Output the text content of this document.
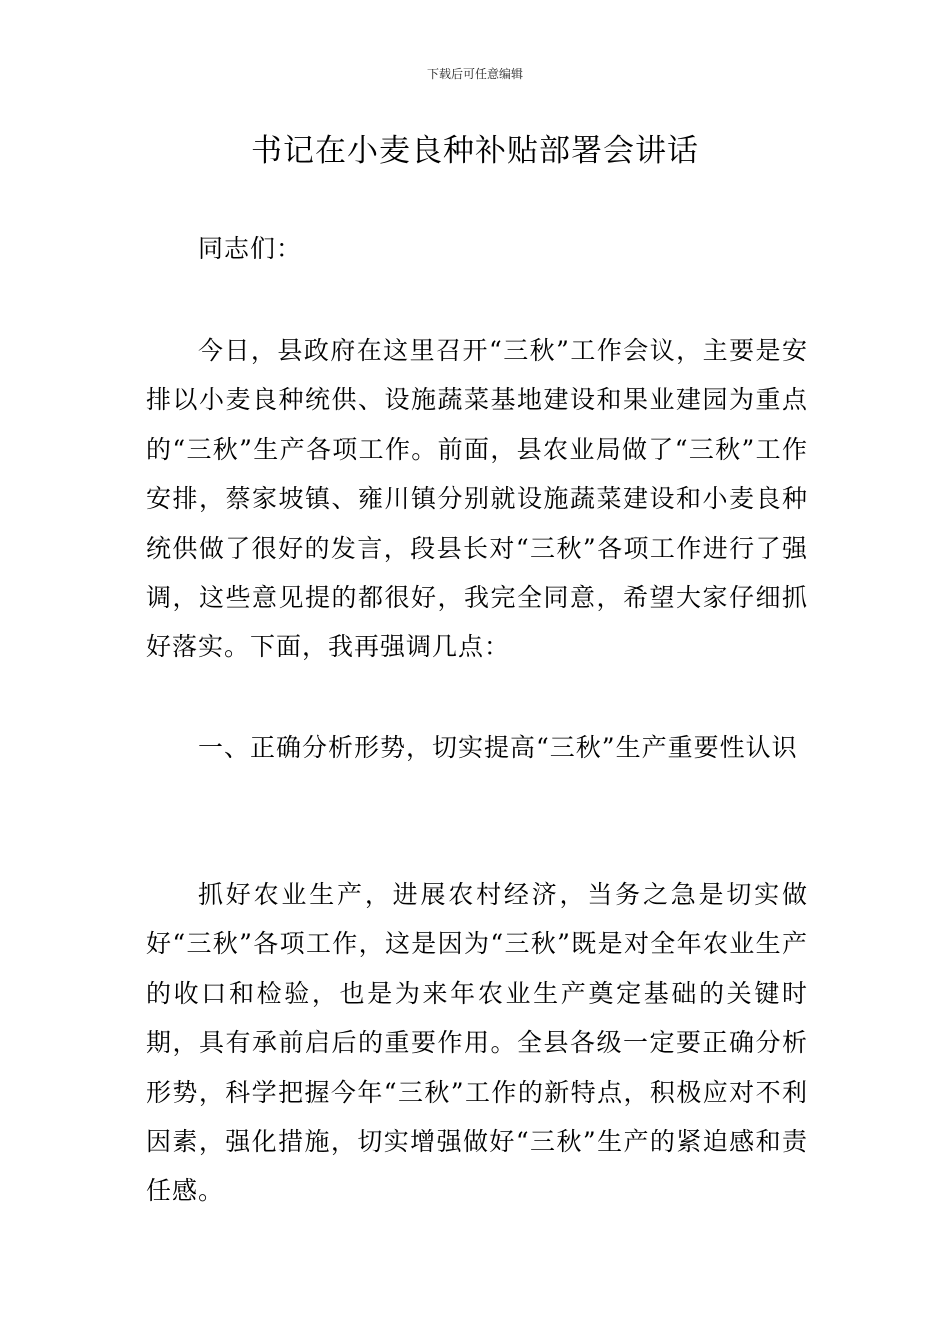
下载后可任意编辑
书记在小麦良种补贴部署会讲话

同志们：

今日，县政府在这里召开“三秋”工作会议，主要是安排以小麦良种统供、设施蔬菜基地建设和果业建园为重点的“三秋”生产各项工作。前面，县农业局做了“三秋”工作安排，蔡家坡镇、雍川镇分别就设施蔬菜建设和小麦良种统供做了很好的发言，段县长对“三秋”各项工作进行了强调，这些意见提的都很好，我完全同意，希望大家仔细抓好落实。下面，我再强调几点：

一、正确分析形势，切实提高“三秋”生产重要性认识

抓好农业生产，进展农村经济，当务之急是切实做好“三秋”各项工作，这是因为“三秋”既是对全年农业生产的收口和检验，也是为来年农业生产奠定基础的关键时期，具有承前启后的重要作用。全县各级一定要正确分析形势，科学把握今年“三秋”工作的新特点，积极应对不利因素，强化措施，切实增强做好“三秋”生产的紧迫感和责任感。
